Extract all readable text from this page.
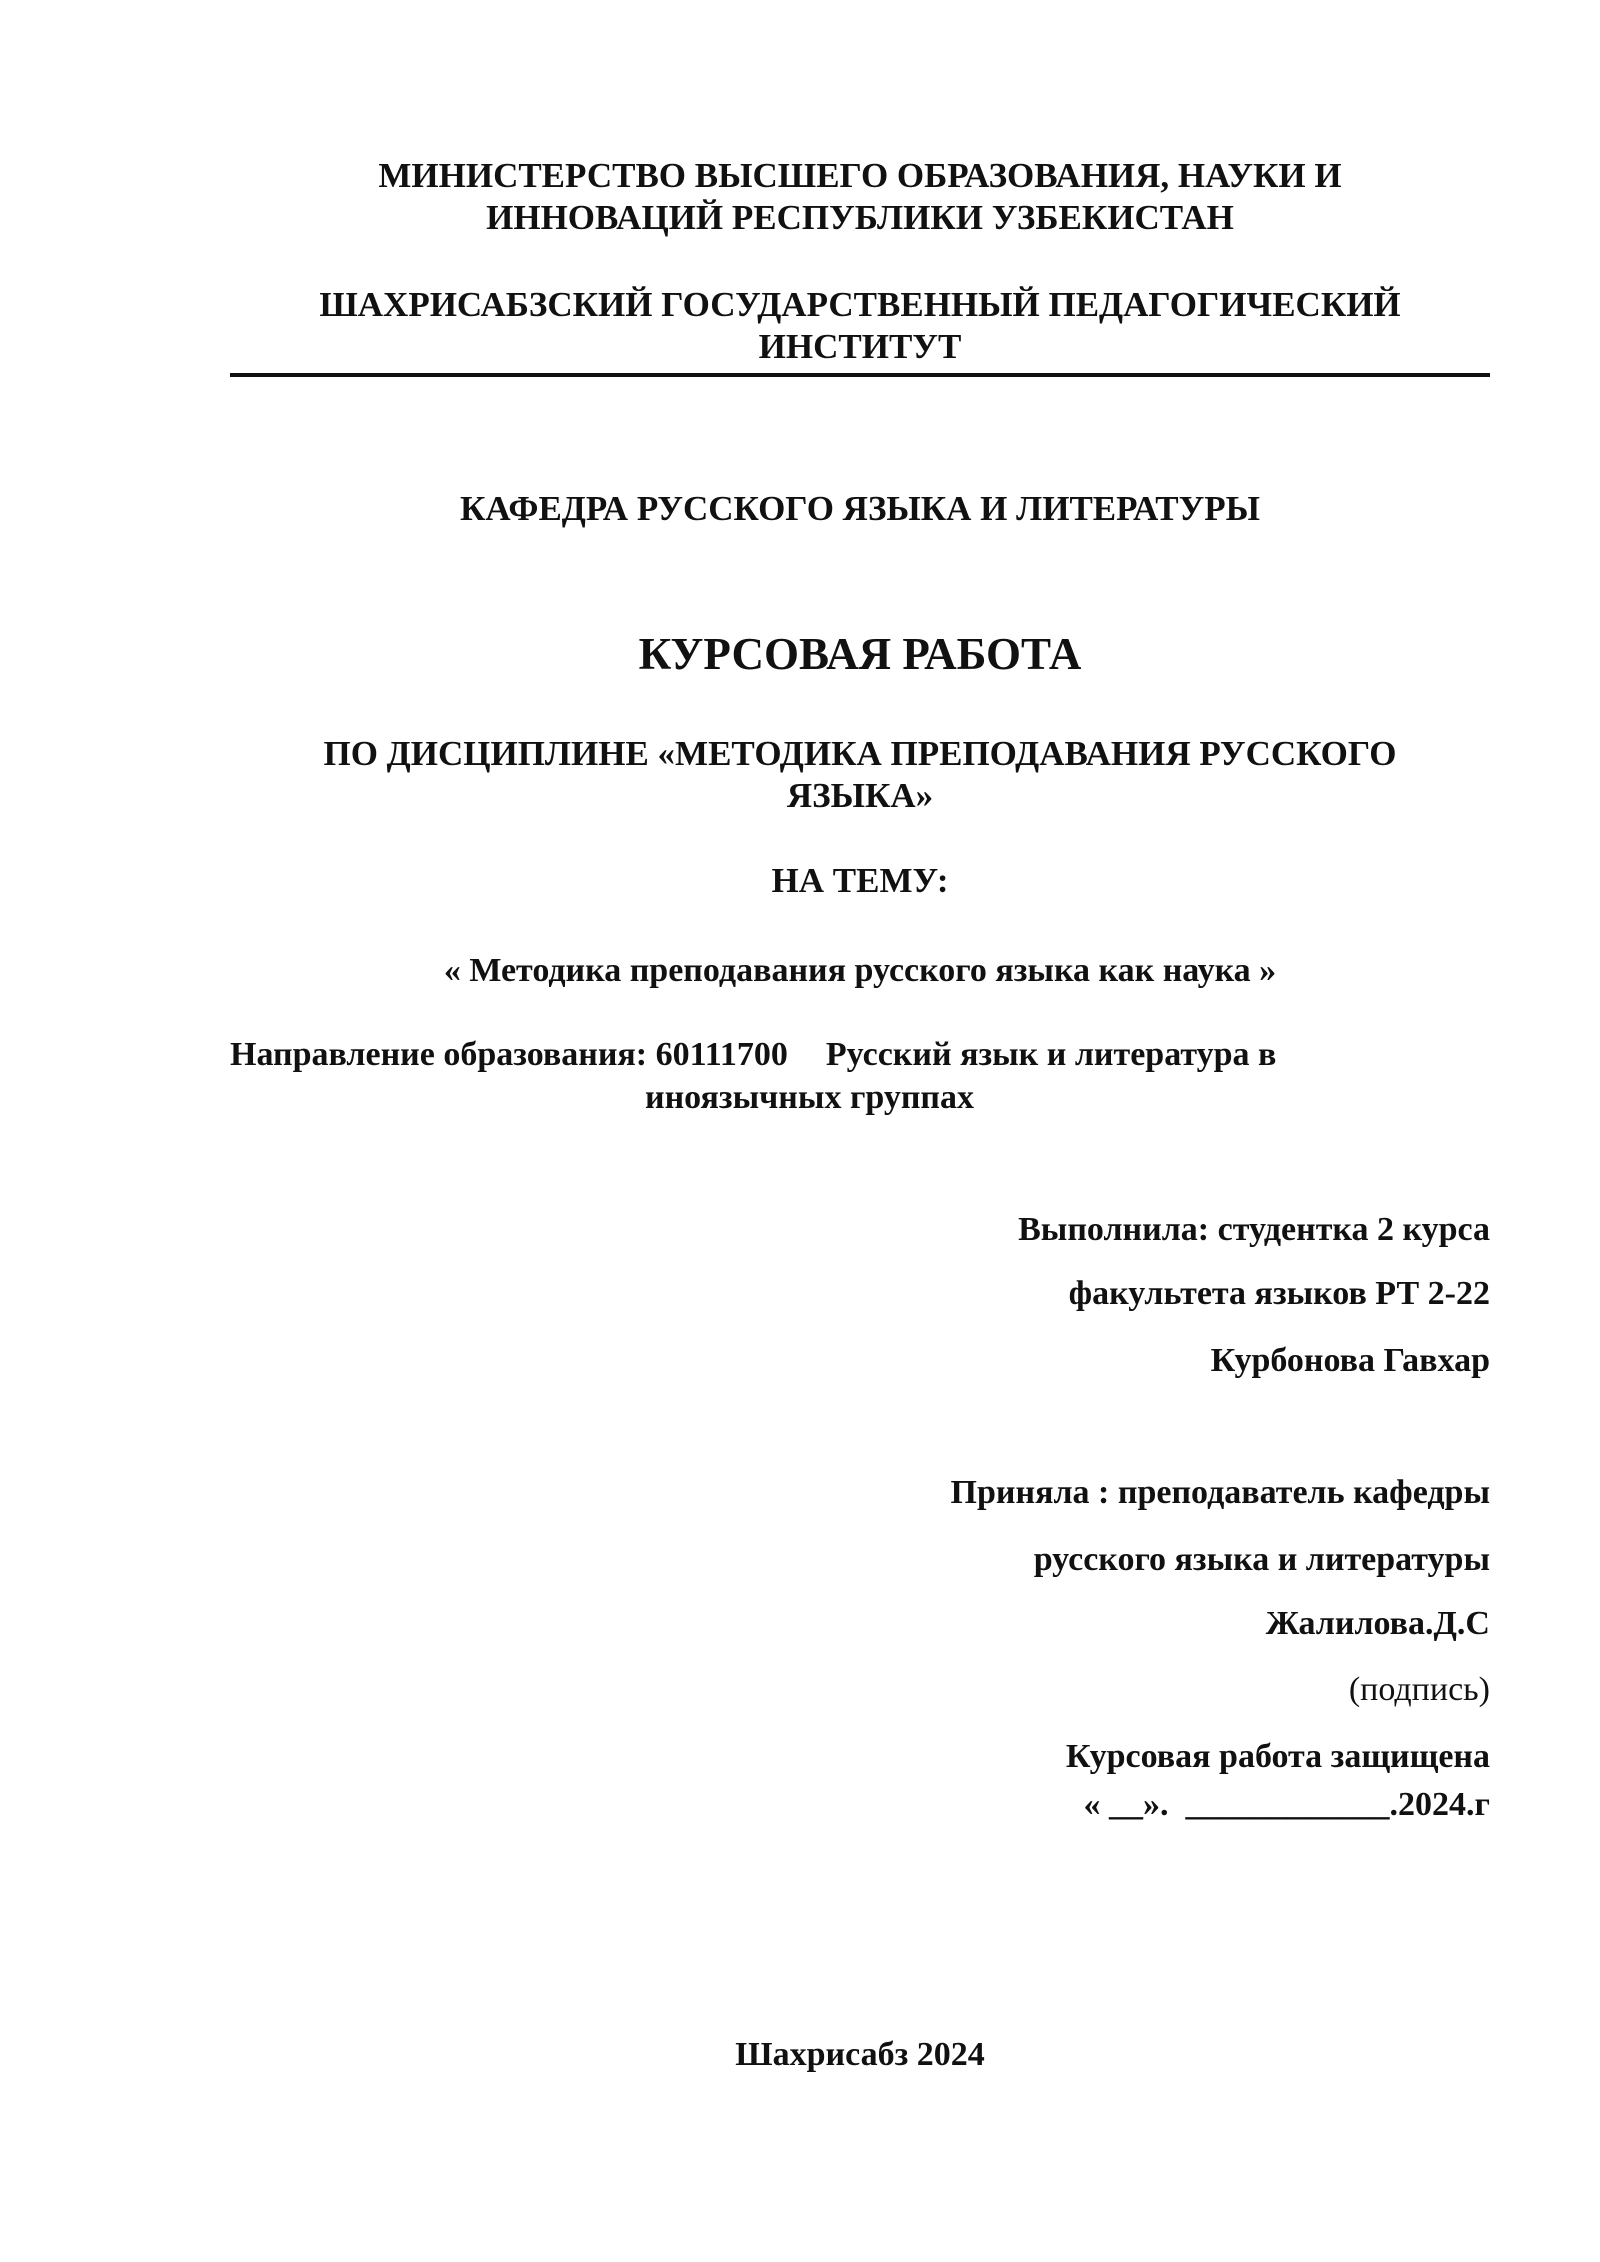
МИНИСТЕРСТВО ВЫСШЕГО ОБРАЗОВАНИЯ, НАУКИ И
ИННОВАЦИЙ РЕСПУБЛИКИ УЗБЕКИСТАН
ШАХРИСАБЗСКИЙ ГОСУДАРСТВЕННЫЙ ПЕДАГОГИЧЕСКИЙ
ИНСТИТУТ
КАФЕДРА РУССКОГО ЯЗЫКА И ЛИТЕРАТУРЫ
КУРСОВАЯ РАБОТА
ПО ДИСЦИПЛИНЕ «МЕТОДИКА ПРЕПОДАВАНИЯ РУССКОГО
ЯЗЫКА»
НА ТЕМУ:
« Методика преподавания русского языка как наука »
Направление образования: 60111700 Русский язык и литература в
иноязычных группах
Выполнила: студентка 2 курса
факультета языков РТ 2-22
Курбонова Гавхар
Приняла : преподаватель кафедры
русского языка и литературы
Жалилова.Д.С
(подпись)
Курсовая работа защищена
« __».  ____________.2024.г
Шахрисабз 2024
